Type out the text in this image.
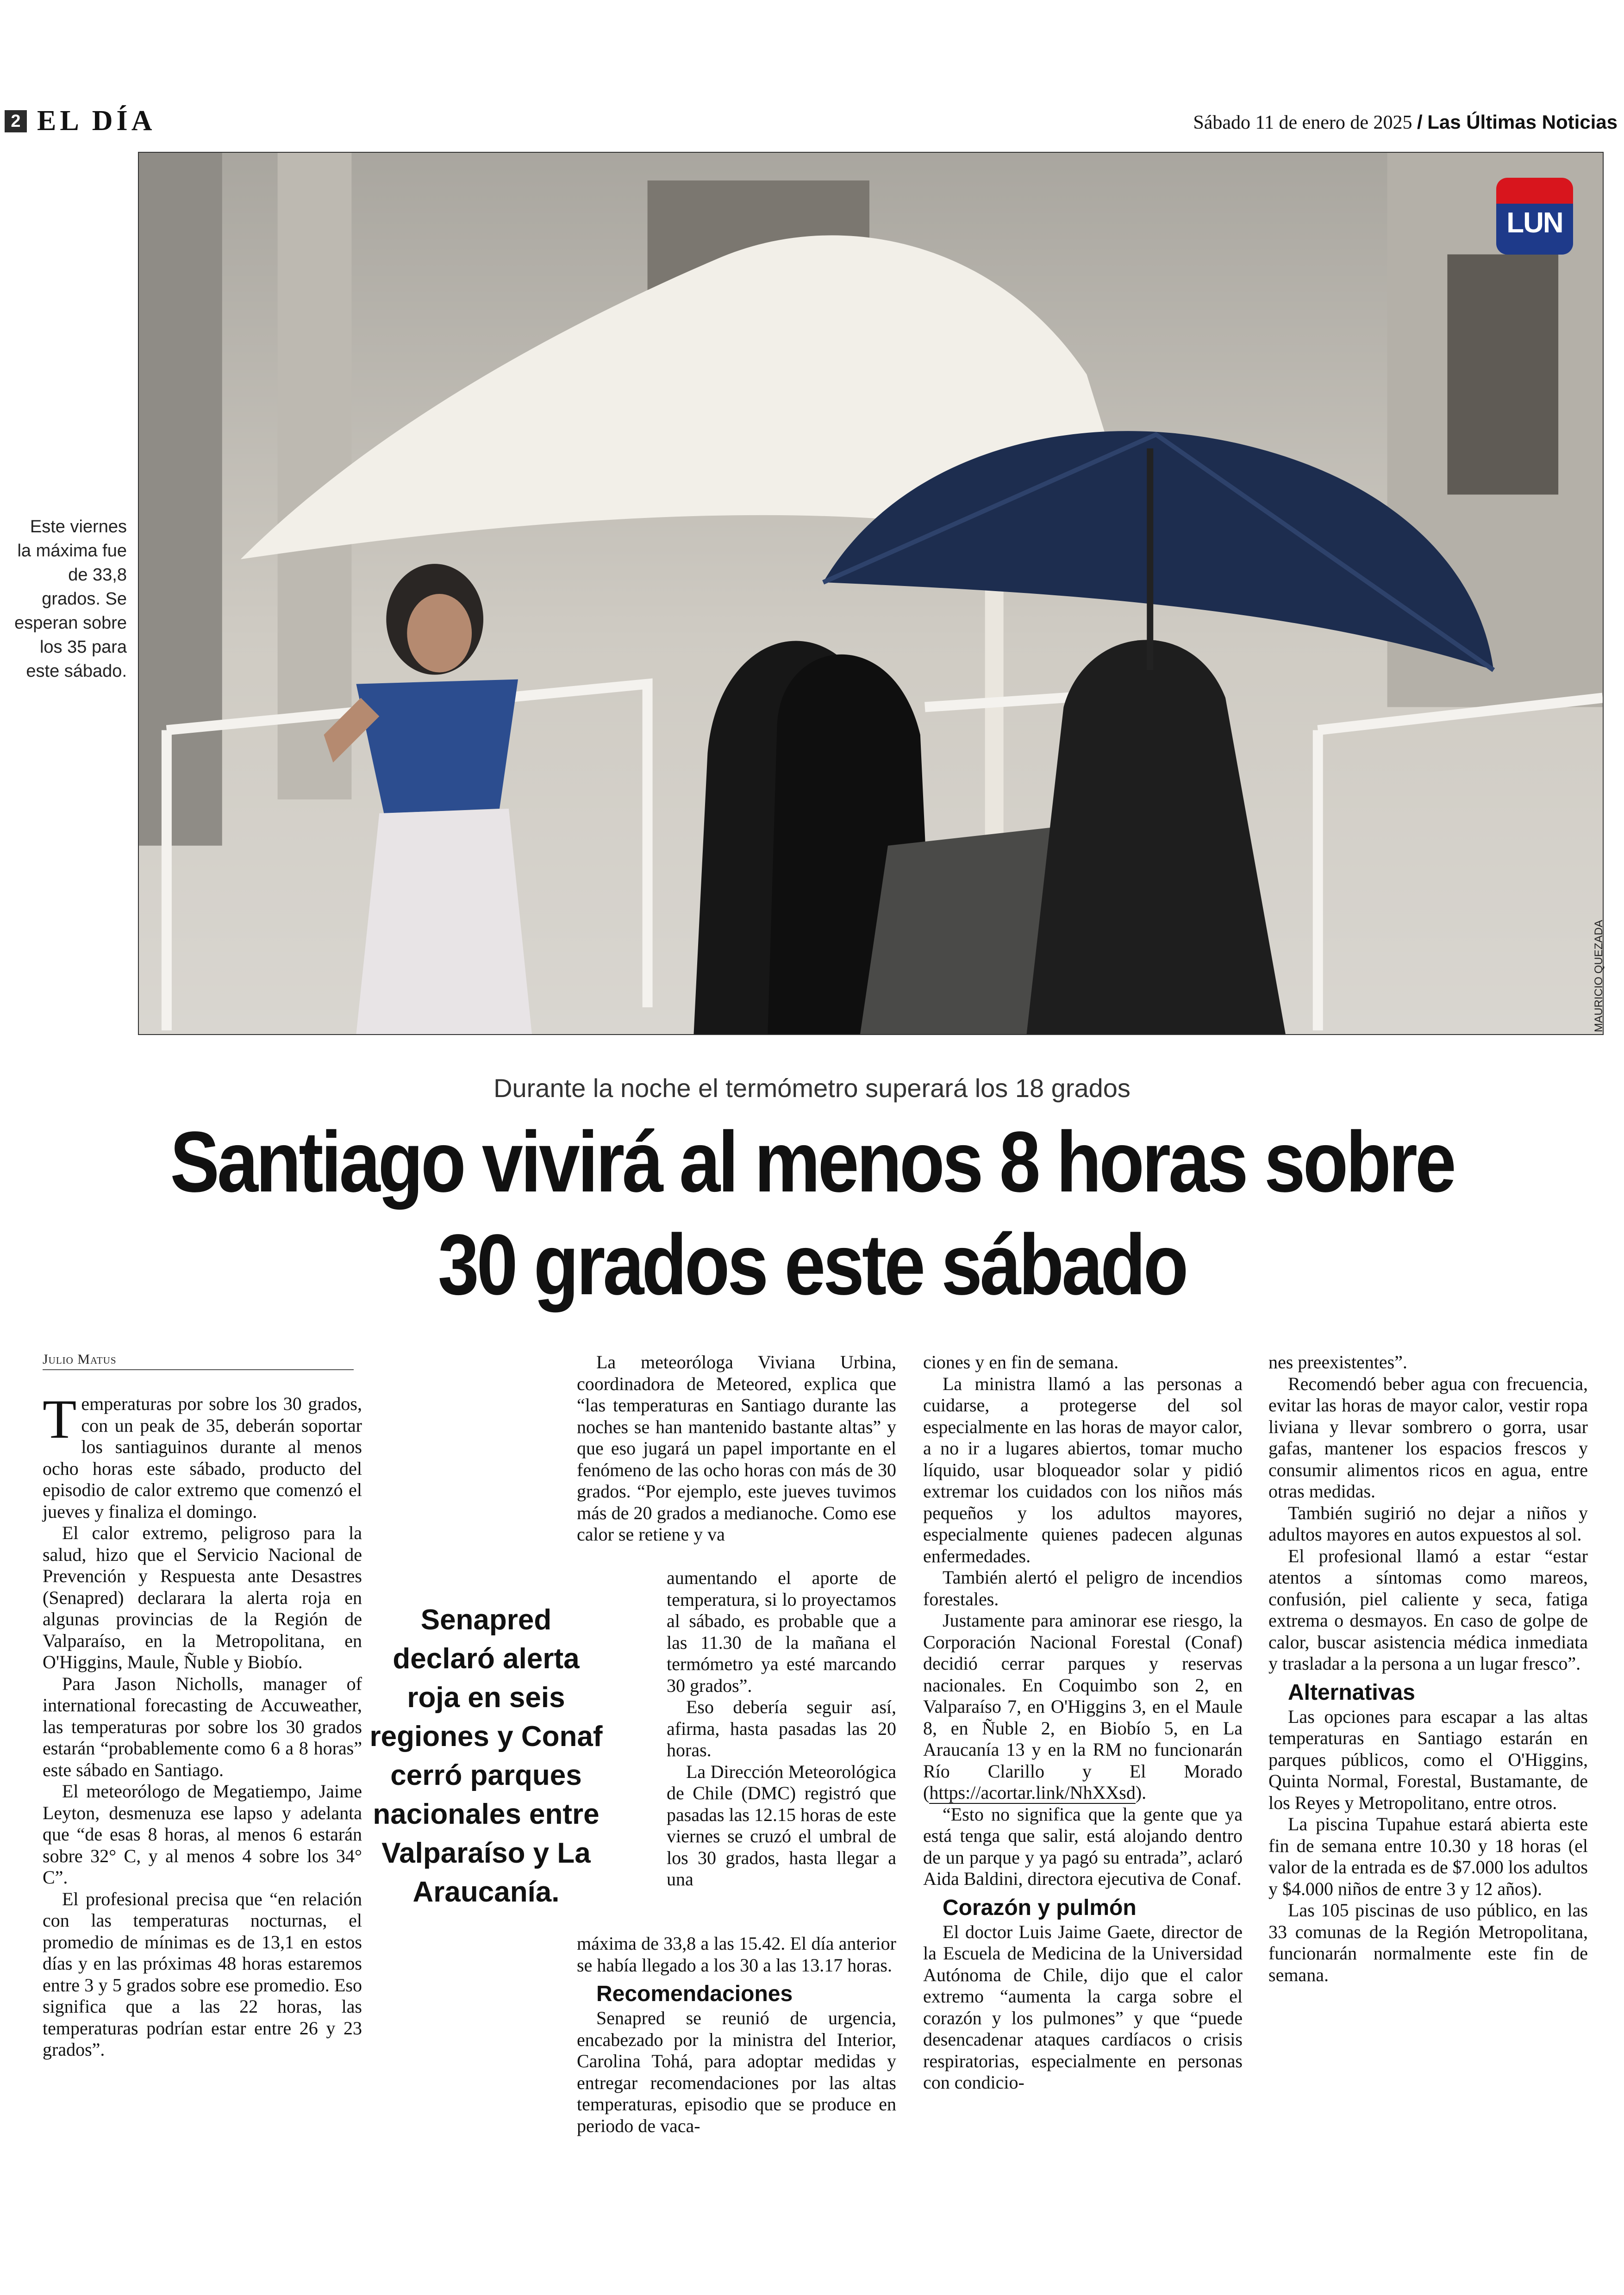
2 EL DÍA	Sábado 11 de enero de 2025 / Las Últimas Noticias
LUN
MAURICIO QUEZADA
Este viernes la máxima fue de 33,8 grados. Se esperan sobre los 35 para este sábado.
Durante la noche el termómetro superará los 18 grados
Santiago vivirá al menos 8 horas sobre
30 grados este sábado
Julio Matus

Temperaturas por sobre los 30 grados, con un peak de 35, deberán soportar los santiaguinos durante al menos ocho horas este sábado, producto del episodio de calor extremo que comenzó el jueves y finaliza el domingo.

El calor extremo, peligroso para la salud, hizo que el Servicio Nacional de Prevención y Respuesta ante Desastres (Senapred) declarara la alerta roja en algunas provincias de la Región de Valparaíso, en la Metropolitana, en O'Higgins, Maule, Ñuble y Biobío.

Para Jason Nicholls, manager of international forecasting de Accuweather, las temperaturas por sobre los 30 grados estarán “probablemente como 6 a 8 horas” este sábado en Santiago.

El meteorólogo de Megatiempo, Jaime Leyton, desmenuza ese lapso y adelanta que “de esas 8 horas, al menos 6 estarán sobre 32° C, y al menos 4 sobre los 34° C”.

El profesional precisa que “en relación con las temperaturas nocturnas, el promedio de mínimas es de 13,1 en estos días y en las próximas 48 horas estaremos entre 3 y 5 grados sobre ese promedio. Eso significa que a las 22 horas, las temperaturas podrían estar entre 26 y 23 grados”.

Senapred declaró alerta roja en seis regiones y Conaf cerró parques nacionales entre Valparaíso y La Araucanía.

La meteoróloga Viviana Urbina, coordinadora de Meteored, explica que “las temperaturas en Santiago durante las noches se han mantenido bastante altas” y que eso jugará un papel importante en el fenómeno de las ocho horas con más de 30 grados. “Por ejemplo, este jueves tuvimos más de 20 grados a medianoche. Como ese calor se retiene y va

aumentando el aporte de temperatura, si lo proyectamos al sábado, es probable que a las 11.30 de la mañana el termómetro ya esté marcando 30 grados”.

Eso debería seguir así, afirma, hasta pasadas las 20 horas.

La Dirección Meteorológica de Chile (DMC) registró que pasadas las 12.15 horas de este viernes se cruzó el umbral de los 30 grados, hasta llegar a una

máxima de 33,8 a las 15.42. El día anterior se había llegado a los 30 a las 13.17 horas.

Recomendaciones

Senapred se reunió de urgencia, encabezado por la ministra del Interior, Carolina Tohá, para adoptar medidas y entregar recomendaciones por las altas temperaturas, episodio que se produce en periodo de vaca-

ciones y en fin de semana.

La ministra llamó a las personas a cuidarse, a protegerse del sol especialmente en las horas de mayor calor, a no ir a lugares abiertos, tomar mucho líquido, usar bloqueador solar y pidió extremar los cuidados con los niños más pequeños y los adultos mayores, especialmente quienes padecen algunas enfermedades.

También alertó el peligro de incendios forestales.

Justamente para aminorar ese riesgo, la Corporación Nacional Forestal (Conaf) decidió cerrar parques y reservas nacionales. En Coquimbo son 2, en Valparaíso 7, en O'Higgins 3, en el Maule 8, en Ñuble 2, en Biobío 5, en La Araucanía 13 y en la RM no funcionarán Río Clarillo y El Morado (https://acortar.link/NhXXsd).

“Esto no significa que la gente que ya está tenga que salir, está alojando dentro de un parque y ya pagó su entrada”, aclaró Aida Baldini, directora ejecutiva de Conaf.

Corazón y pulmón

El doctor Luis Jaime Gaete, director de la Escuela de Medicina de la Universidad Autónoma de Chile, dijo que el calor extremo “aumenta la carga sobre el corazón y los pulmones” y que “puede desencadenar ataques cardíacos o crisis respiratorias, especialmente en personas con condicio-

nes preexistentes”.

Recomendó beber agua con frecuencia, evitar las horas de mayor calor, vestir ropa liviana y llevar sombrero o gorra, usar gafas, mantener los espacios frescos y consumir alimentos ricos en agua, entre otras medidas.

También sugirió no dejar a niños y adultos mayores en autos expuestos al sol.

El profesional llamó a estar “estar atentos a síntomas como mareos, confusión, piel caliente y seca, fatiga extrema o desmayos. En caso de golpe de calor, buscar asistencia médica inmediata y trasladar a la persona a un lugar fresco”.

Alternativas

Las opciones para escapar a las altas temperaturas en Santiago estarán en parques públicos, como el O'Higgins, Quinta Normal, Forestal, Bustamante, de los Reyes y Metropolitano, entre otros.

La piscina Tupahue estará abierta este fin de semana entre 10.30 y 18 horas (el valor de la entrada es de $7.000 los adultos y $4.000 niños de entre 3 y 12 años).

Las 105 piscinas de uso público, en las 33 comunas de la Región Metropolitana, funcionarán normalmente este fin de semana.
